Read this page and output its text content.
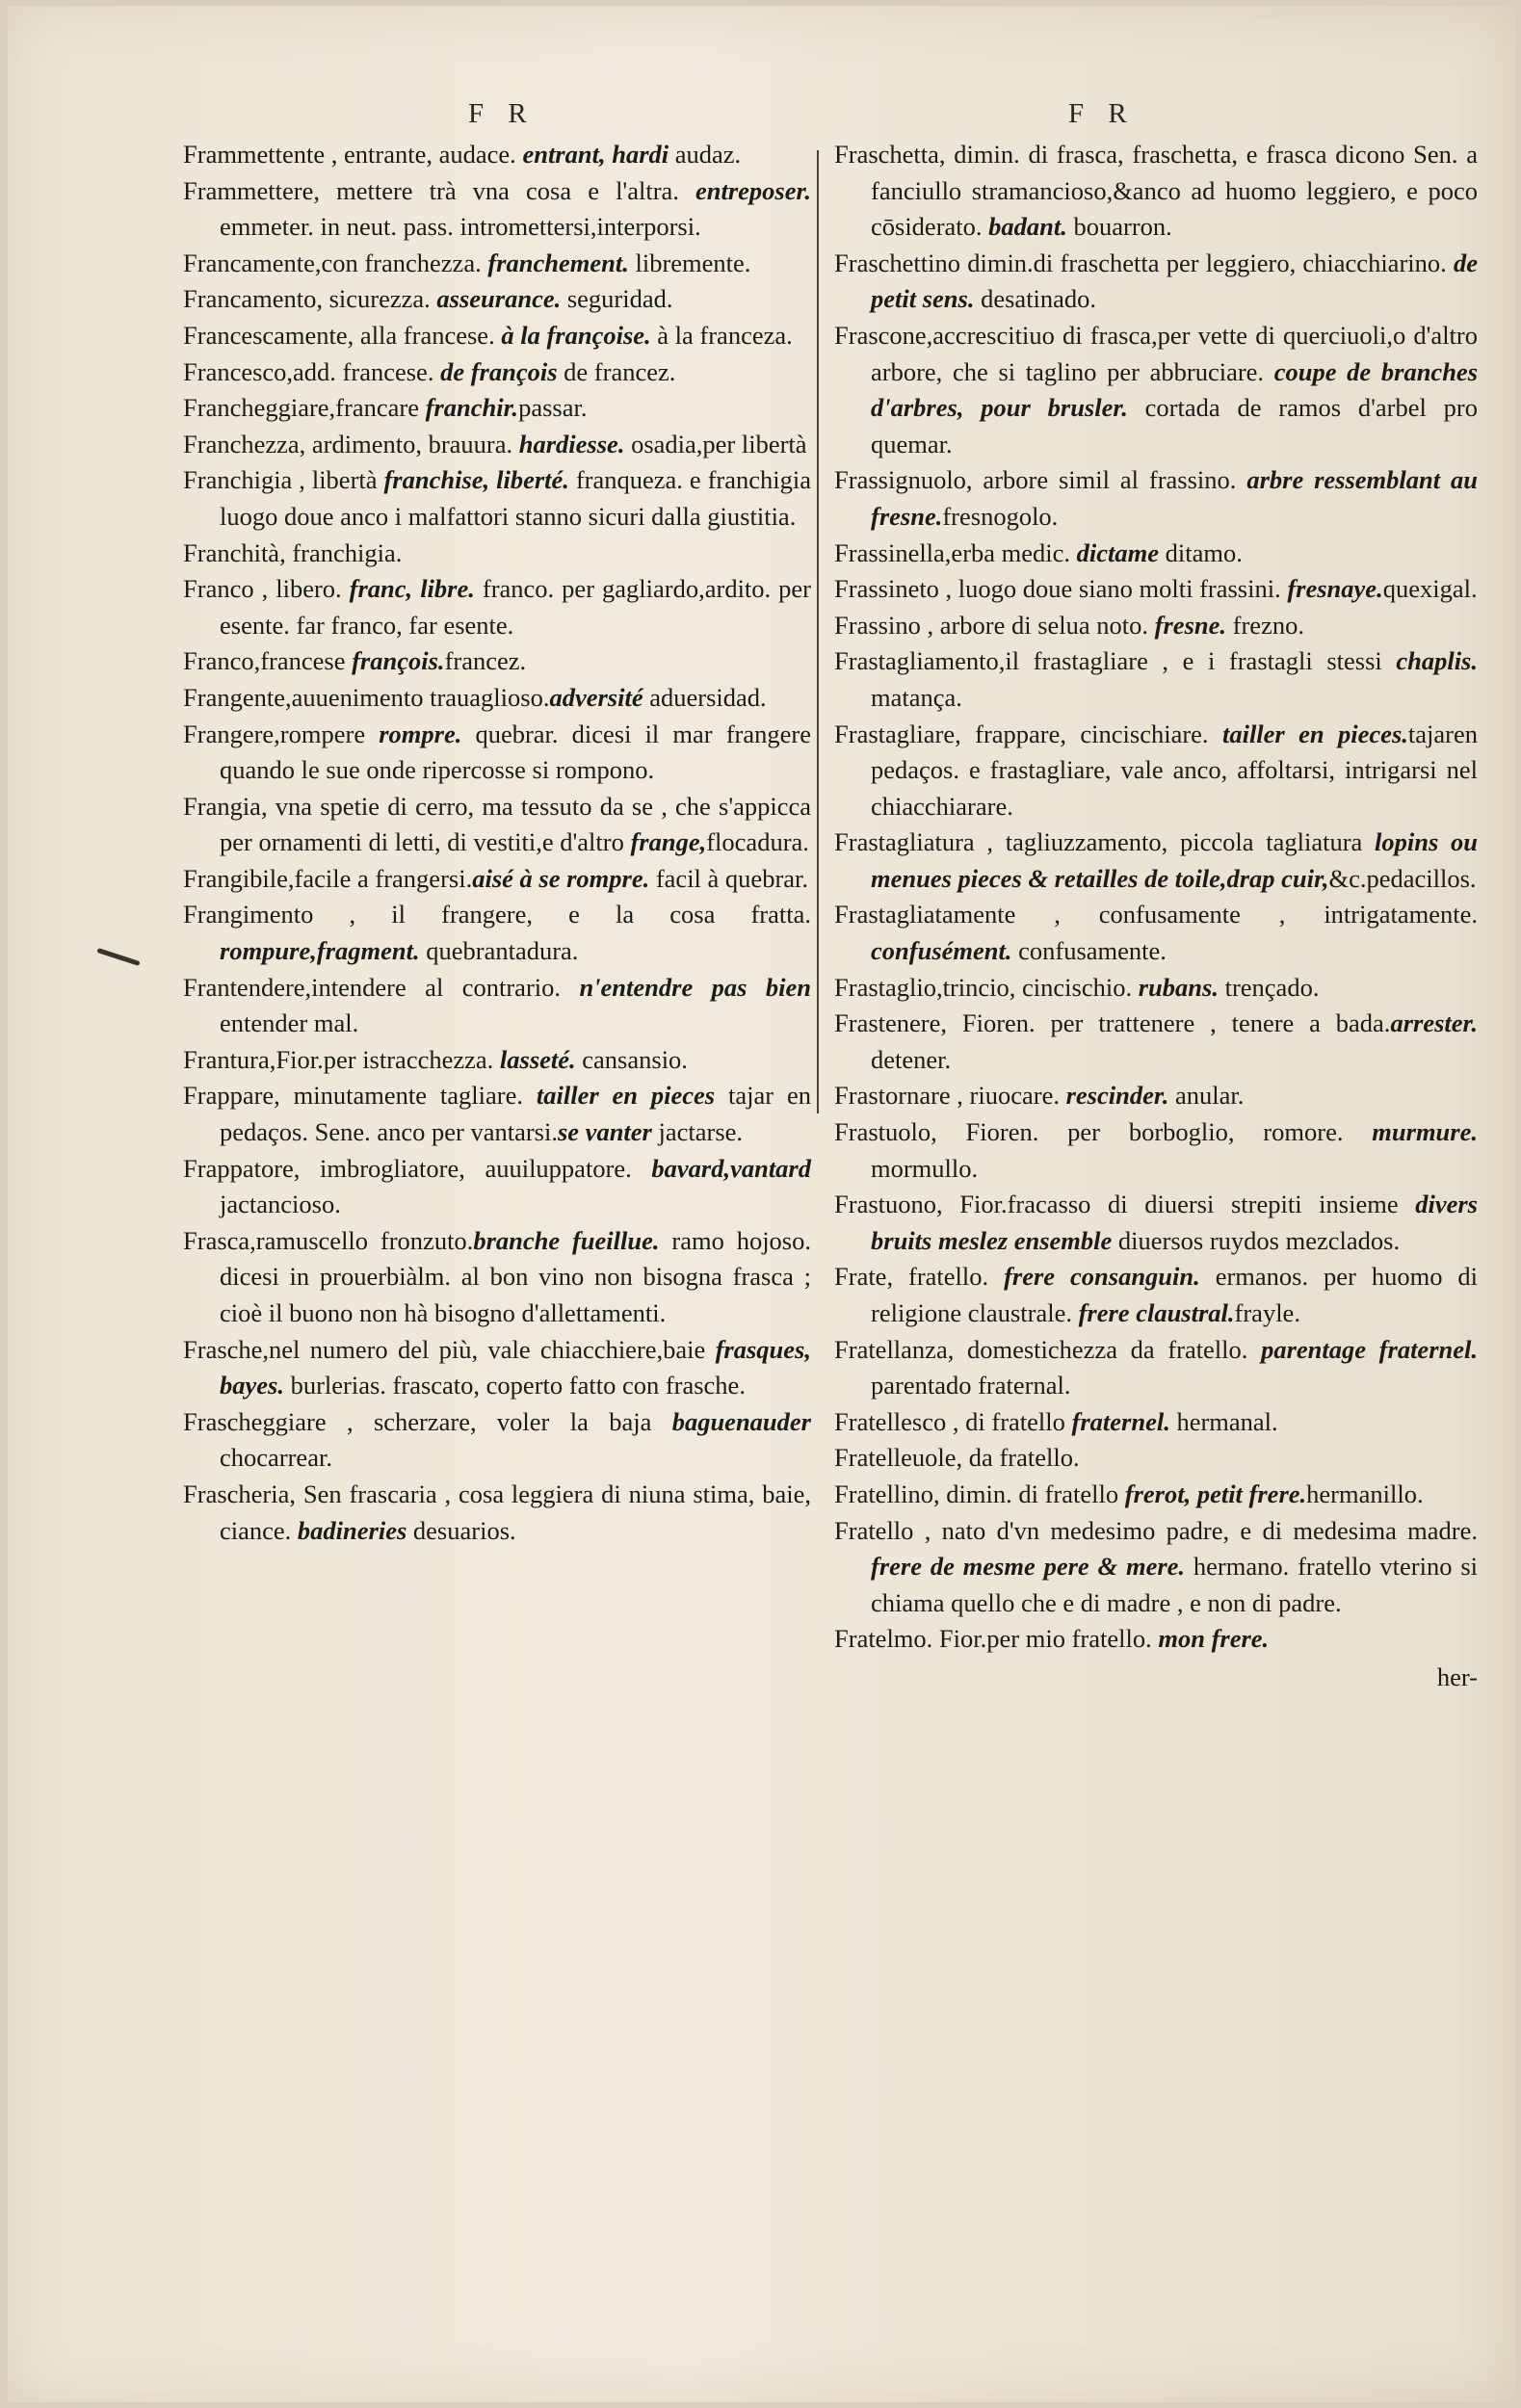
F R	F R

Frammettente , entrante, audace. entrant, hardi audaz.

Frammettere, mettere trà vna cosa e l'altra. entreposer. emmeter. in neut. pass. intromettersi,interporsi.

Francamente,con franchezza. franchement. libremente.

Francamento, sicurezza. asseurance. seguridad.

Francescamente, alla francese. à la françoise. à la franceza.

Francesco,add. francese. de françois de francez.

Francheggiare,francare franchir.passar.

Franchezza, ardimento, brauura. hardiesse. osadia,per libertà

Franchigia , libertà franchise, liberté. franqueza. e franchigia luogo doue anco i malfattori stanno sicuri dalla giustitia.

Franchità, franchigia.

Franco , libero. franc, libre. franco. per gagliardo,ardito. per esente. far franco, far esente.

Franco,francese françois.francez.

Frangente,auuenimento trauaglioso.adversité aduersidad.

Frangere,rompere rompre. quebrar. dicesi il mar frangere quando le sue onde ripercosse si rompono.

Frangia, vna spetie di cerro, ma tessuto da se , che s'appicca per ornamenti di letti, di vestiti,e d'altro frange,flocadura.

Frangibile,facile a frangersi.aisé à se rompre. facil à quebrar.

Frangimento , il frangere, e la cosa fratta. rompure,fragment. quebrantadura.

Frantendere,intendere al contrario. n'entendre pas bien entender mal.

Frantura,Fior.per istracchezza. lasseté. cansansio.

Frappare, minutamente tagliare. tailler en pieces tajar en pedaços. Sene. anco per vantarsi.se vanter jactarse.

Frappatore, imbrogliatore, auuiluppatore. bavard,vantard jactancioso.

Frasca,ramuscello fronzuto.branche fueillue. ramo hojoso. dicesi in prouerbiàlm. al bon vino non bisogna frasca ; cioè il buono non hà bisogno d'allettamenti.

Frasche,nel numero del più, vale chiacchiere,baie frasques, bayes. burlerias. frascato, coperto fatto con frasche.

Frascheggiare , scherzare, voler la baja baguenauder chocarrear.

Frascheria, Sen frascaria , cosa leggiera di niuna stima, baie, ciance. badineries desuarios.

Fraschetta, dimin. di frasca, fraschetta, e frasca dicono Sen. a fanciullo stramancioso,&anco ad huomo leggiero, e poco cōsiderato. badant. bouarron.

Fraschettino dimin.di fraschetta per leggiero, chiacchiarino. de petit sens. desatinado.

Frascone,accrescitiuo di frasca,per vette di querciuoli,o d'altro arbore, che si taglino per abbruciare. coupe de branches d'arbres, pour brusler. cortada de ramos d'arbel pro quemar.

Frassignuolo, arbore simil al frassino. arbre ressemblant au fresne.fresnogolo.

Frassinella,erba medic. dictame ditamo.

Frassineto , luogo doue siano molti frassini. fresnaye.quexigal.

Frassino , arbore di selua noto. fresne. frezno.

Frastagliamento,il frastagliare , e i frastagli stessi chaplis. matança.

Frastagliare, frappare, cincischiare. tailler en pieces.tajaren pedaços. e frastagliare, vale anco, affoltarsi, intrigarsi nel chiacchiarare.

Frastagliatura , tagliuzzamento, piccola tagliatura lopins ou menues pieces & retailles de toile,drap cuir,&c.pedacillos.

Frastagliatamente , confusamente , intrigatamente. confusément. confusamente.

Frastaglio,trincio, cincischio. rubans. trençado.

Frastenere, Fioren. per trattenere , tenere a bada.arrester. detener.

Frastornare , riuocare. rescinder. anular.

Frastuolo, Fioren. per borboglio, romore. murmure. mormullo.

Frastuono, Fior.fracasso di diuersi strepiti insieme divers bruits meslez ensemble diuersos ruydos mezclados.

Frate, fratello. frere consanguin. ermanos. per huomo di religione claustrale. frere claustral.frayle.

Fratellanza, domestichezza da fratello. parentage fraternel. parentado fraternal.

Fratellesco , di fratello fraternel. hermanal.

Fratelleuole, da fratello.

Fratellino, dimin. di fratello frerot, petit frere.hermanillo.

Fratello , nato d'vn medesimo padre, e di medesima madre. frere de mesme pere & mere. hermano. fratello vterino si chiama quello che e di madre , e non di padre.

Fratelmo. Fior.per mio fratello. mon frere.

her-
